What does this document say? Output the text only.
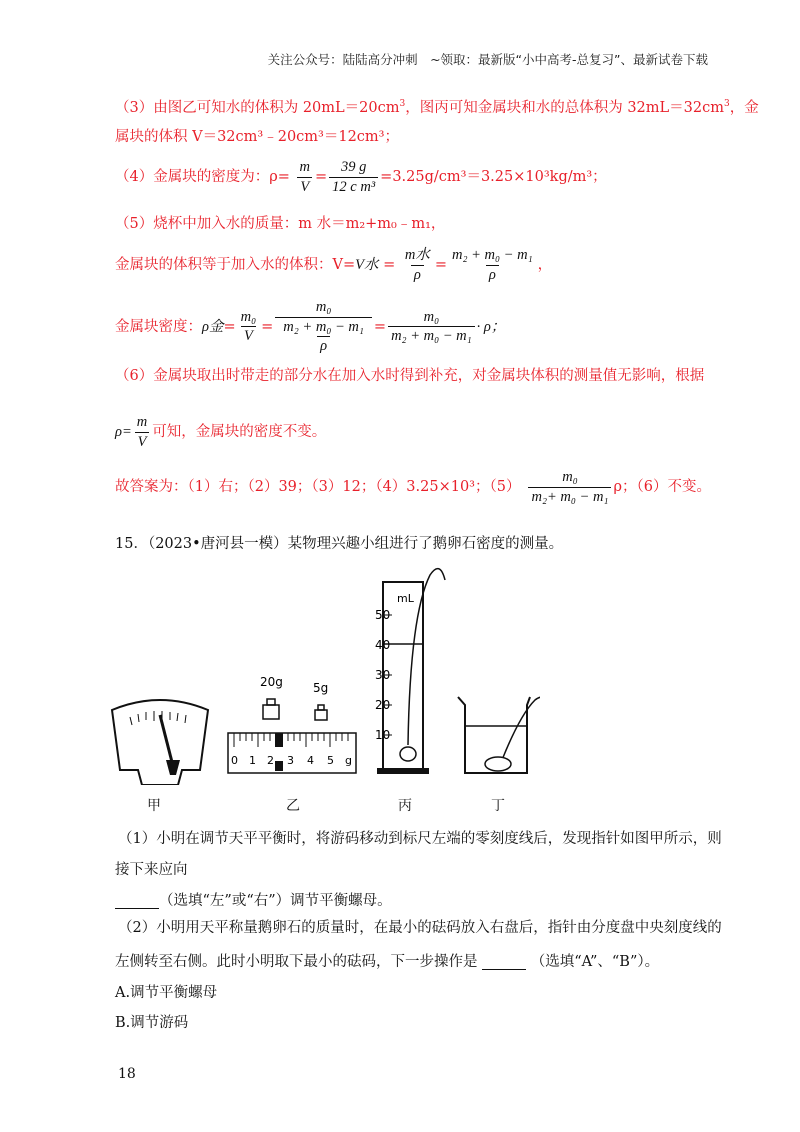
关注公众号：陆陆高分冲刺　~领取：最新版“小中高考-总复习”、最新试卷下载
（3）由图乙可知水的体积为 $20mL=20cm^3$，图丙可知金属块和水的总体积为 $32mL=32cm^3$，金
属块的体积 V＝32cm³﹣20cm³＝12cm³；
（4）金属块的密度为：$\rho= \frac{m}{V} = \frac{39 g}{\text{12 c m³}} =3.25g/cm^3=3.25\times 10^3kg/m^3$；
（5）烧杯中加入水的质量：m 水＝m₂+m₀﹣m₁，
金属块的体积等于加入水的体积：V=V水 = $\frac{\text{m水}}{\rho} = \frac{\text{m₂ + m₀ − m₁}}{\rho}$ ，
金属块密度：ρ金= $\frac{\text{m₀}}{V} = \frac{\text{m₀}}{\frac{\text{m₂ + m₀ − m₁}}{\rho}} = \frac{\text{m₀}}{\text{m₂ + m₀ − m₁}} \cdot \rho$；
（6）金属块取出时带走的部分水在加入水时得到补充，对金属块体积的测量值无影响，根据
$\rho= \frac{m}{V}$ 可知，金属块的密度不变。
故答案为：（1）右；（2）39；（3）12；（4）3.25×10³；$(5) \frac{\text{m₀}}{\text{m₂+ m₀ − m₁}}$ ρ；（6）不变。
15．（2023•唐河县一模）某物理兴趣小组进行了鹅卵石密度的测量。
20g	5g
0 1 2 3 4 5 g
mL
50
40
30
20
10
甲	乙	丙	丁
（1）小明在调节天平平衡时，将游码移动到标尺左端的零刻度线后，发现指针如图甲所示，则
接下来应向
（选填“左”或“右”）调节平衡螺母。
（2）小明用天平称量鹅卵石的质量时，在最小的砝码放入右盘后，指针由分度盘中央刻度线的
左侧转至右侧。此时小明取下最小的砝码，下一步操作是	（选填“A”、“B”）。
A.调节平衡螺母
B.调节游码
18
